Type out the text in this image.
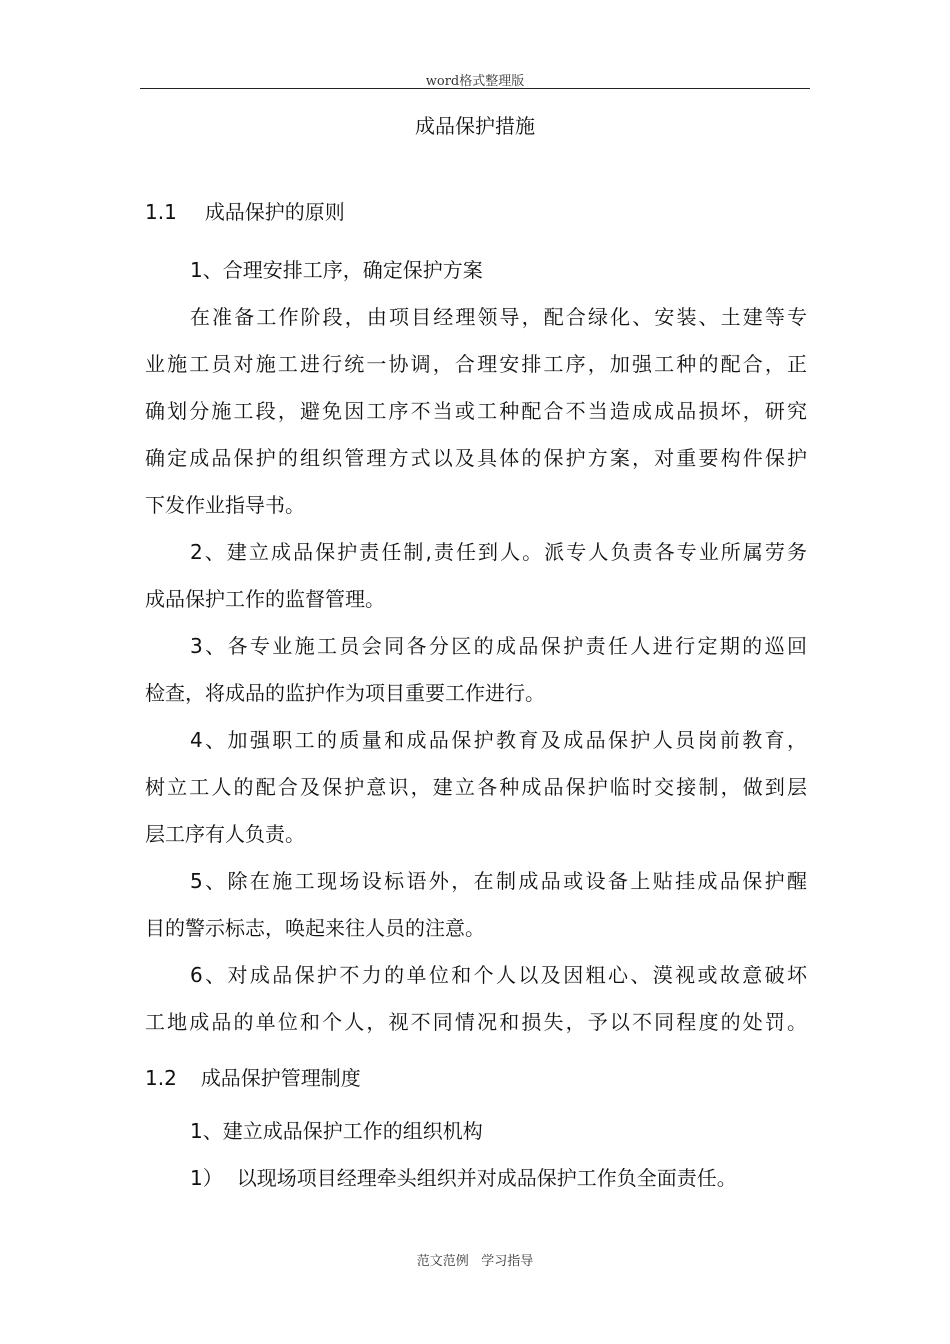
word格式整理版
成品保护措施
1.1 成品保护的原则
1、合理安排工序，确定保护方案
在准备工作阶段，由项目经理领导，配合绿化、安装、土建等专
业施工员对施工进行统一协调，合理安排工序，加强工种的配合，正
确划分施工段，避免因工序不当或工种配合不当造成成品损坏，研究
确定成品保护的组织管理方式以及具体的保护方案，对重要构件保护
下发作业指导书。
2、建立成品保护责任制,责任到人。派专人负责各专业所属劳务
成品保护工作的监督管理。
3、各专业施工员会同各分区的成品保护责任人进行定期的巡回
检查，将成品的监护作为项目重要工作进行。
4、加强职工的质量和成品保护教育及成品保护人员岗前教育，
树立工人的配合及保护意识，建立各种成品保护临时交接制，做到层
层工序有人负责。
5、除在施工现场设标语外，在制成品或设备上贴挂成品保护醒
目的警示标志，唤起来往人员的注意。
6、对成品保护不力的单位和个人以及因粗心、漠视或故意破坏
工地成品的单位和个人，视不同情况和损失，予以不同程度的处罚。
1.2 成品保护管理制度
1、建立成品保护工作的组织机构
1） 以现场项目经理牵头组织并对成品保护工作负全面责任。
范文范例   学习指导
